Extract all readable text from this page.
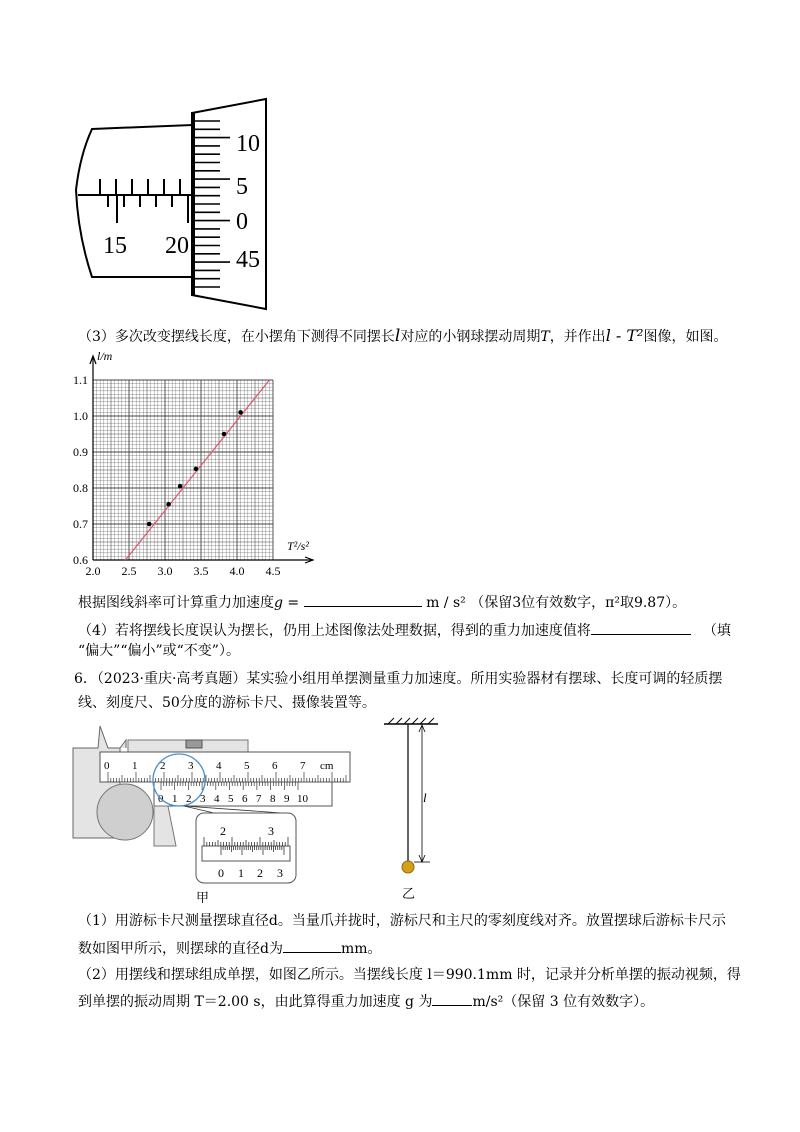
15 20
10
5
0
45
（3）多次改变摆线长度，在小摆角下测得不同摆长l对应的小钢球摆动周期T，并作出l - T²图像，如图。
l/m
T²/s²
2.0 2.5 3.0 3.5 4.0 4.5
0.6
0.7
0.8
0.9
1.0
1.1
根据图线斜率可计算重力加速度g =	m / s² （保留3位有效数字，π²取9.87）。
（4）若将摆线长度误认为摆长，仍用上述图像法处理数据，得到的重力加速度值将	（填
“偏大”“偏小”或“不变”）。
6．（2023·重庆·高考真题）某实验小组用单摆测量重力加速度。所用实验器材有摆球、长度可调的轻质摆
线、刻度尺、50分度的游标卡尺、摄像装置等。
0 1 2 3 4 5 6 7 cm
0 1 2 3 4 5 6 7 8 9 10
2	3
0 1 2 3
甲
l
乙
（1）用游标卡尺测量摆球直径d。当量爪并拢时，游标尺和主尺的零刻度线对齐。放置摆球后游标卡尺示
数如图甲所示，则摆球的直径d为	mm。
（2）用摆线和摆球组成单摆，如图乙所示。当摆线长度 l＝990.1mm 时，记录并分析单摆的振动视频，得
到单摆的振动周期 T＝2.00 s，由此算得重力加速度 g 为	m/s²（保留 3 位有效数字）。
